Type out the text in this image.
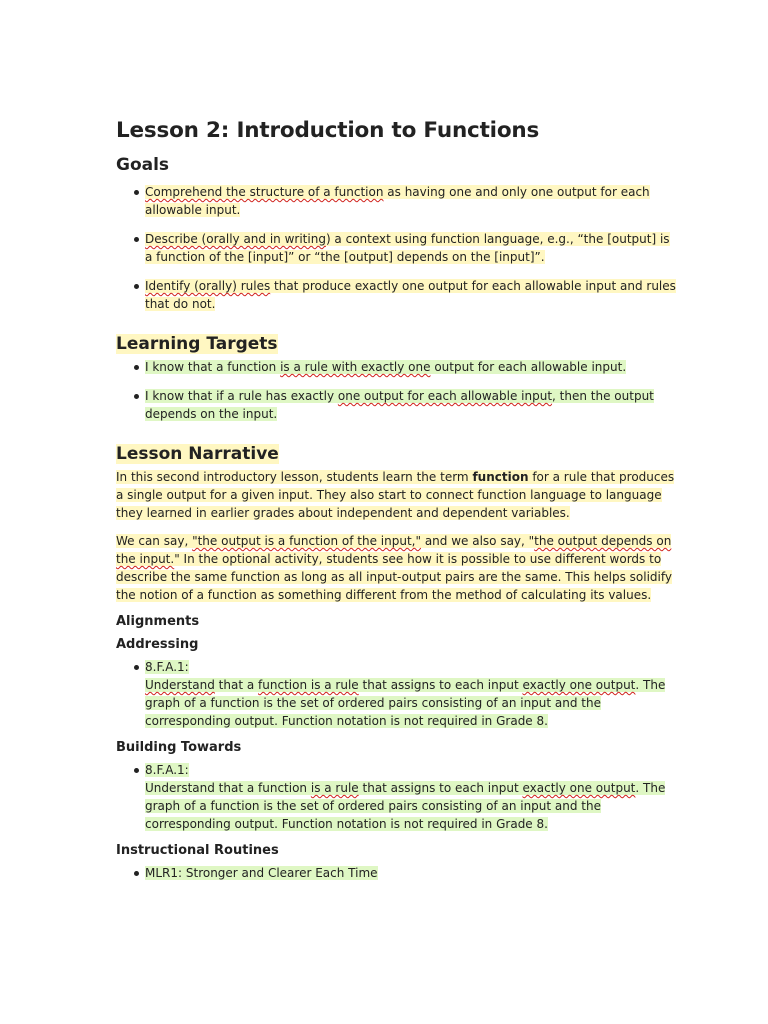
Lesson 2: Introduction to Functions
Goals
Comprehend the structure of a function as having one and only one output for each allowable input.
Describe (orally and in writing) a context using function language, e.g., “the [output] is a function of the [input]” or “the [output] depends on the [input]”.
Identify (orally) rules that produce exactly one output for each allowable input and rules that do not.
Learning Targets
I know that a function is a rule with exactly one output for each allowable input.
I know that if a rule has exactly one output for each allowable input, then the output depends on the input.
Lesson Narrative

In this second introductory lesson, students learn the term function for a rule that produces a single output for a given input. They also start to connect function language to language they learned in earlier grades about independent and dependent variables.

We can say, "the output is a function of the input," and we also say, "the output depends on the input." In the optional activity, students see how it is possible to use different words to describe the same function as long as all input-output pairs are the same. This helps solidify the notion of a function as something different from the method of calculating its values.

Alignments
Addressing
8.F.A.1:
Understand that a function is a rule that assigns to each input exactly one output. The graph of a function is the set of ordered pairs consisting of an input and the corresponding output. Function notation is not required in Grade 8.
Building Towards
8.F.A.1:
Understand that a function is a rule that assigns to each input exactly one output. The graph of a function is the set of ordered pairs consisting of an input and the corresponding output. Function notation is not required in Grade 8.
Instructional Routines
MLR1: Stronger and Clearer Each Time
